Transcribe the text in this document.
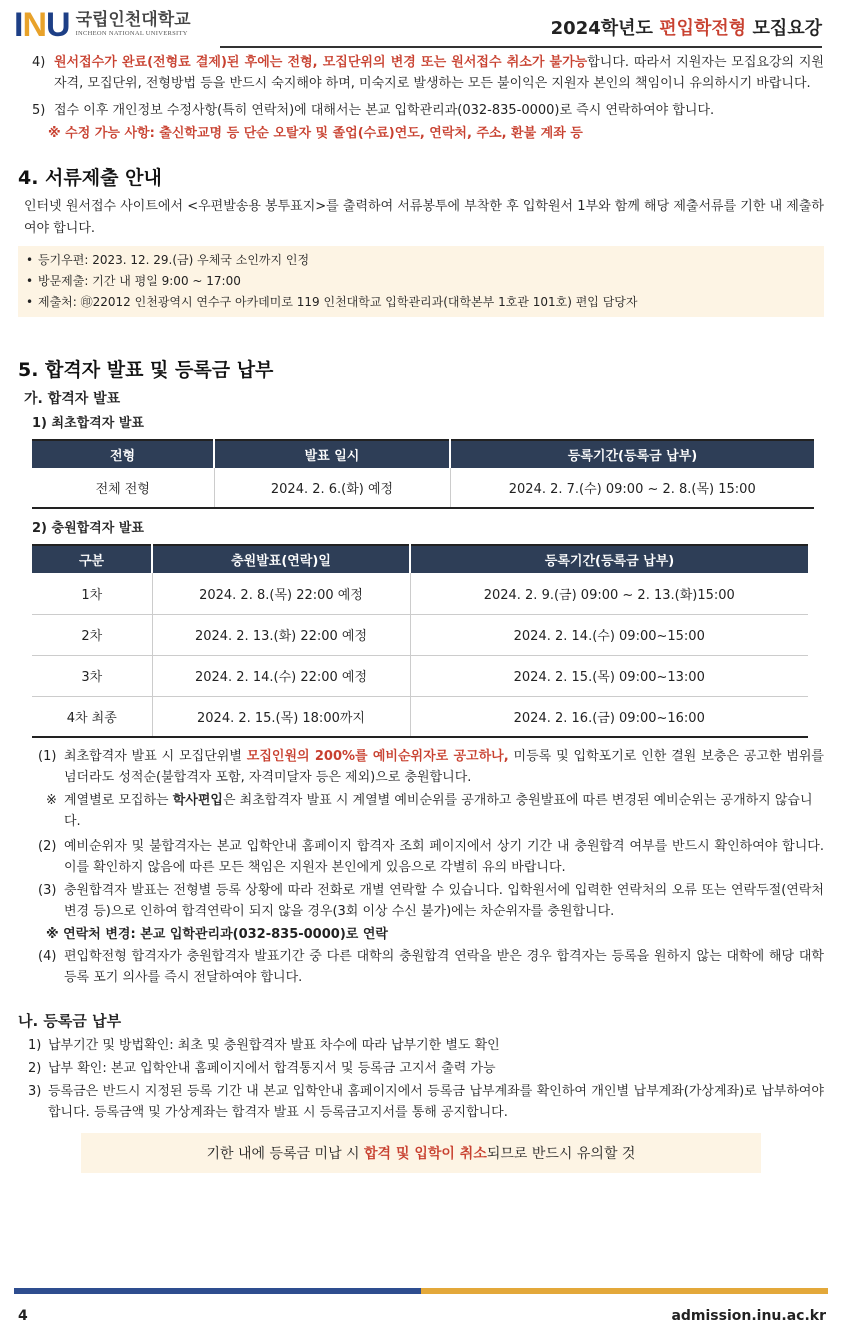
INU 국립인천대학교
INCHEON NATIONAL UNIVERSITY	2024학년도 편입학전형 모집요강
4) 원서접수가 완료(전형료 결제)된 후에는 전형, 모집단위의 변경 또는 원서접수 취소가 불가능합니다. 따라서 지원자는 모집요강의 지원자격, 모집단위, 전형방법 등을 반드시 숙지해야 하며, 미숙지로 발생하는 모든 불이익은 지원자 본인의 책임이니 유의하시기 바랍니다.
5) 접수 이후 개인정보 수정사항(특히 연락처)에 대해서는 본교 입학관리과(032-835-0000)로 즉시 연락하여야 합니다.
※ 수정 가능 사항: 출신학교명 등 단순 오탈자 및 졸업(수료)연도, 연락처, 주소, 환불 계좌 등
4. 서류제출 안내
인터넷 원서접수 사이트에서 <우편발송용 봉투표지>를 출력하여 서류봉투에 부착한 후 입학원서 1부와 함께 해당 제출서류를 기한 내 제출하여야 합니다.
• 등기우편: 2023. 12. 29.(금) 우체국 소인까지 인정
• 방문제출: 기간 내 평일 9:00 ~ 17:00
• 제출처: ㊞22012 인천광역시 연수구 아카데미로 119 인천대학교 입학관리과(대학본부 1호관 101호) 편입 담당자
5. 합격자 발표 및 등록금 납부
가. 합격자 발표
1) 최초합격자 발표
전형	발표 일시	등록기간(등록금 납부)
전체 전형	2024. 2. 6.(화) 예정	2024. 2. 7.(수) 09:00 ~ 2. 8.(목) 15:00
2) 충원합격자 발표
구분	충원발표(연락)일	등록기간(등록금 납부)
1차	2024. 2. 8.(목) 22:00 예정	2024. 2. 9.(금) 09:00 ~ 2. 13.(화)15:00
2차	2024. 2. 13.(화) 22:00 예정	2024. 2. 14.(수) 09:00~15:00
3차	2024. 2. 14.(수) 22:00 예정	2024. 2. 15.(목) 09:00~13:00
4차 최종	2024. 2. 15.(목) 18:00까지	2024. 2. 16.(금) 09:00~16:00
(1) 최초합격자 발표 시 모집단위별 모집인원의 200%를 예비순위자로 공고하나, 미등록 및 입학포기로 인한 결원 보충은 공고한 범위를 넘더라도 성적순(불합격자 포함, 자격미달자 등은 제외)으로 충원합니다.
※ 계열별로 모집하는 학사편입은 최초합격자 발표 시 계열별 예비순위를 공개하고 충원발표에 따른 변경된 예비순위는 공개하지 않습니다.
(2) 예비순위자 및 불합격자는 본교 입학안내 홈페이지 합격자 조회 페이지에서 상기 기간 내 충원합격 여부를 반드시 확인하여야 합니다. 이를 확인하지 않음에 따른 모든 책임은 지원자 본인에게 있음으로 각별히 유의 바랍니다.
(3) 충원합격자 발표는 전형별 등록 상황에 따라 전화로 개별 연락할 수 있습니다. 입학원서에 입력한 연락처의 오류 또는 연락두절(연락처 변경 등)으로 인하여 합격연락이 되지 않을 경우(3회 이상 수신 불가)에는 차순위자를 충원합니다.
※ 연락처 변경: 본교 입학관리과(032-835-0000)로 연락
(4) 편입학전형 합격자가 충원합격자 발표기간 중 다른 대학의 충원합격 연락을 받은 경우 합격자는 등록을 원하지 않는 대학에 해당 대학 등록 포기 의사를 즉시 전달하여야 합니다.
나. 등록금 납부
1) 납부기간 및 방법확인: 최초 및 충원합격자 발표 차수에 따라 납부기한 별도 확인
2) 납부 확인: 본교 입학안내 홈페이지에서 합격통지서 및 등록금 고지서 출력 가능
3) 등록금은 반드시 지정된 등록 기간 내 본교 입학안내 홈페이지에서 등록금 납부계좌를 확인하여 개인별 납부계좌(가상계좌)로 납부하여야 합니다. 등록금액 및 가상계좌는 합격자 발표 시 등록금고지서를 통해 공지합니다.
기한 내에 등록금 미납 시 합격 및 입학이 취소되므로 반드시 유의할 것
4	admission.inu.ac.kr
